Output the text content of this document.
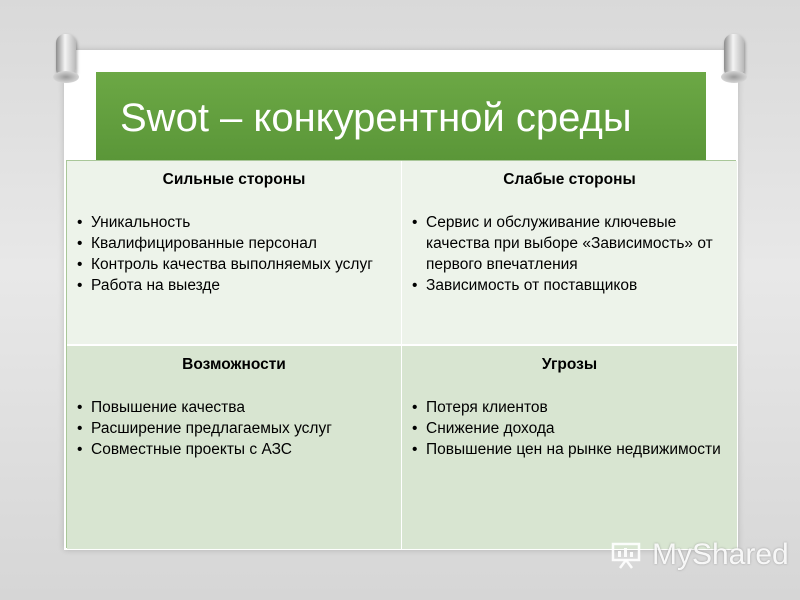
Swot – конкурентной среды
Сильные стороны
• Уникальность
• Квалифицированные персонал
• Контроль качества выполняемых услуг
• Работа на выезде
Слабые стороны
• Сервис и обслуживание ключевые качества при выборе «Зависимость» от первого впечатления
• Зависимость от поставщиков
Возможности
• Повышение качества
• Расширение предлагаемых услуг
• Совместные проекты с АЗС
Угрозы
• Потеря клиентов
• Снижение дохода
• Повышение цен на рынке недвижимости
MyShared
